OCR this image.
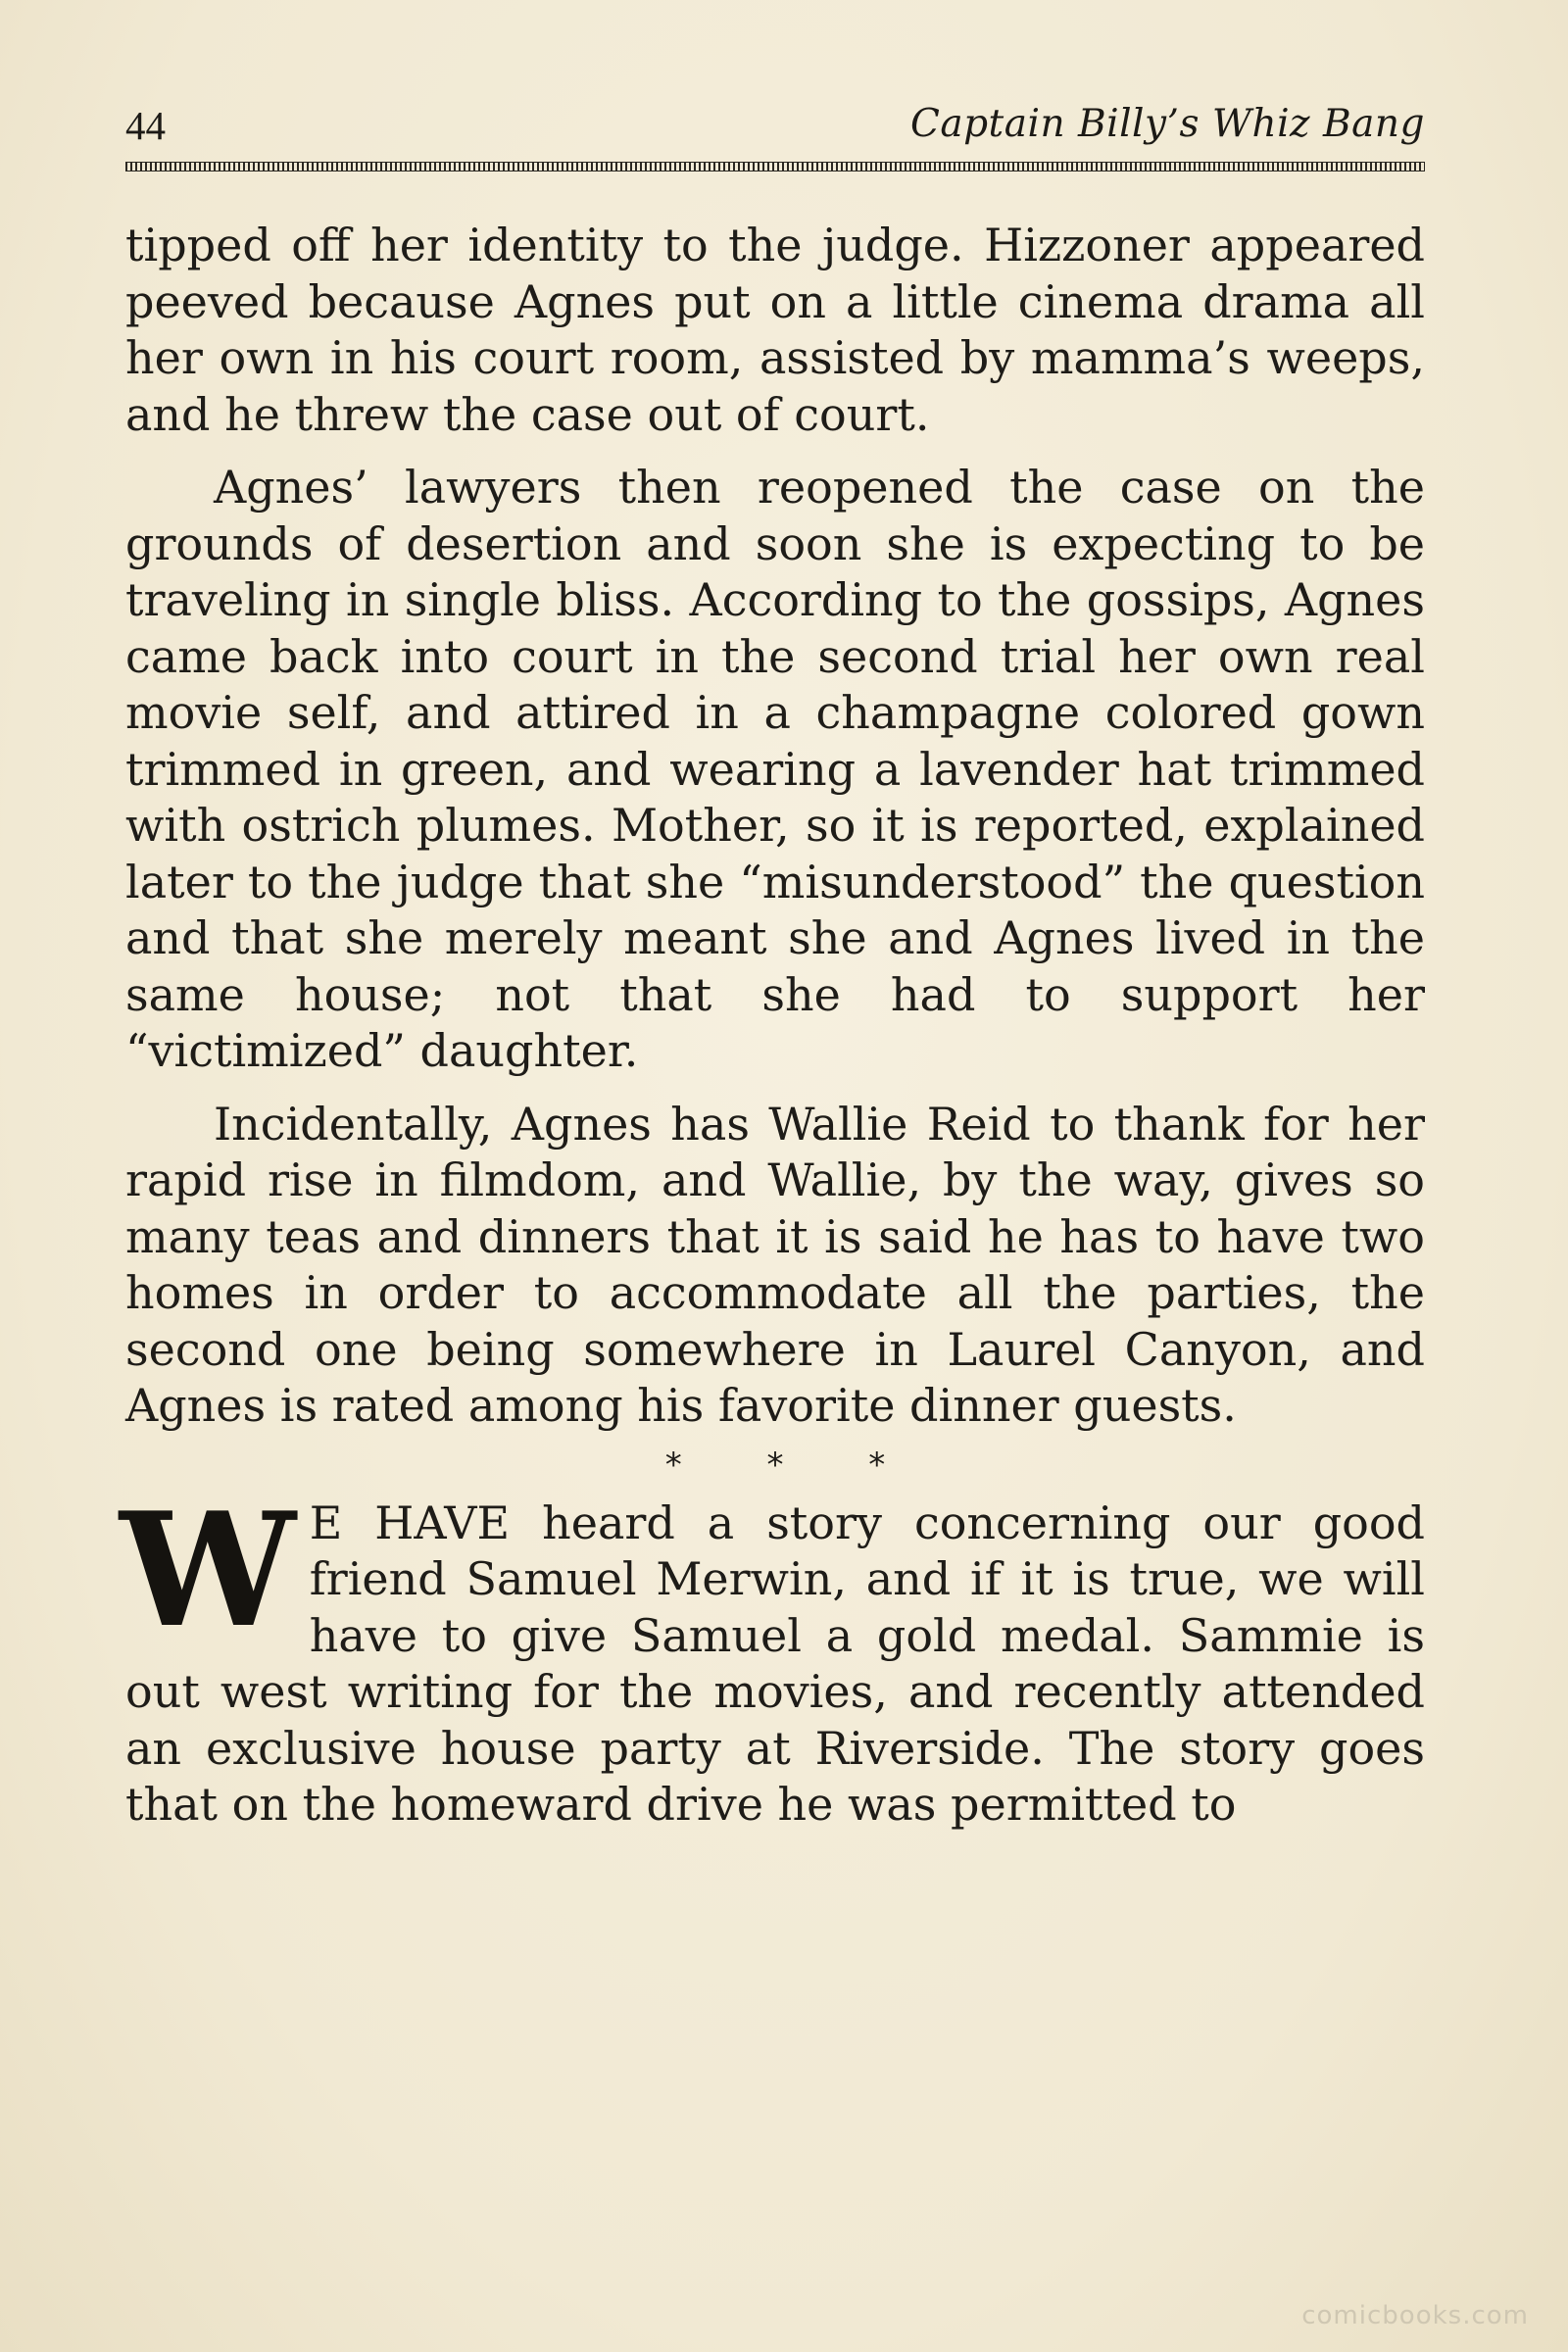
44	Captain Billy’s Whiz Bang

tipped off her identity to the judge. Hizzoner appeared peeved because Agnes put on a little cinema drama all her own in his court room, assisted by mamma’s weeps, and he threw the case out of court.

Agnes’ lawyers then reopened the case on the grounds of desertion and soon she is expecting to be traveling in single bliss. According to the gossips, Agnes came back into court in the second trial her own real movie self, and attired in a champagne colored gown trimmed in green, and wearing a lavender hat trimmed with ostrich plumes. Mother, so it is reported, explained later to the judge that she “misunderstood” the question and that she merely meant she and Agnes lived in the same house; not that she had to support her “victimized” daughter.

Incidentally, Agnes has Wallie Reid to thank for her rapid rise in filmdom, and Wallie, by the way, gives so many teas and dinners that it is said he has to have two homes in order to accommodate all the parties, the second one being somewhere in Laurel Canyon, and Agnes is rated among his favorite dinner guests.

* * *

W E HAVE heard a story concerning our good friend Samuel Merwin, and if it is true, we will have to give Samuel a gold medal. Sammie is out west writing for the movies, and recently attended an exclusive house party at Riverside. The story goes that on the homeward drive he was permitted to

comicbooks.com
